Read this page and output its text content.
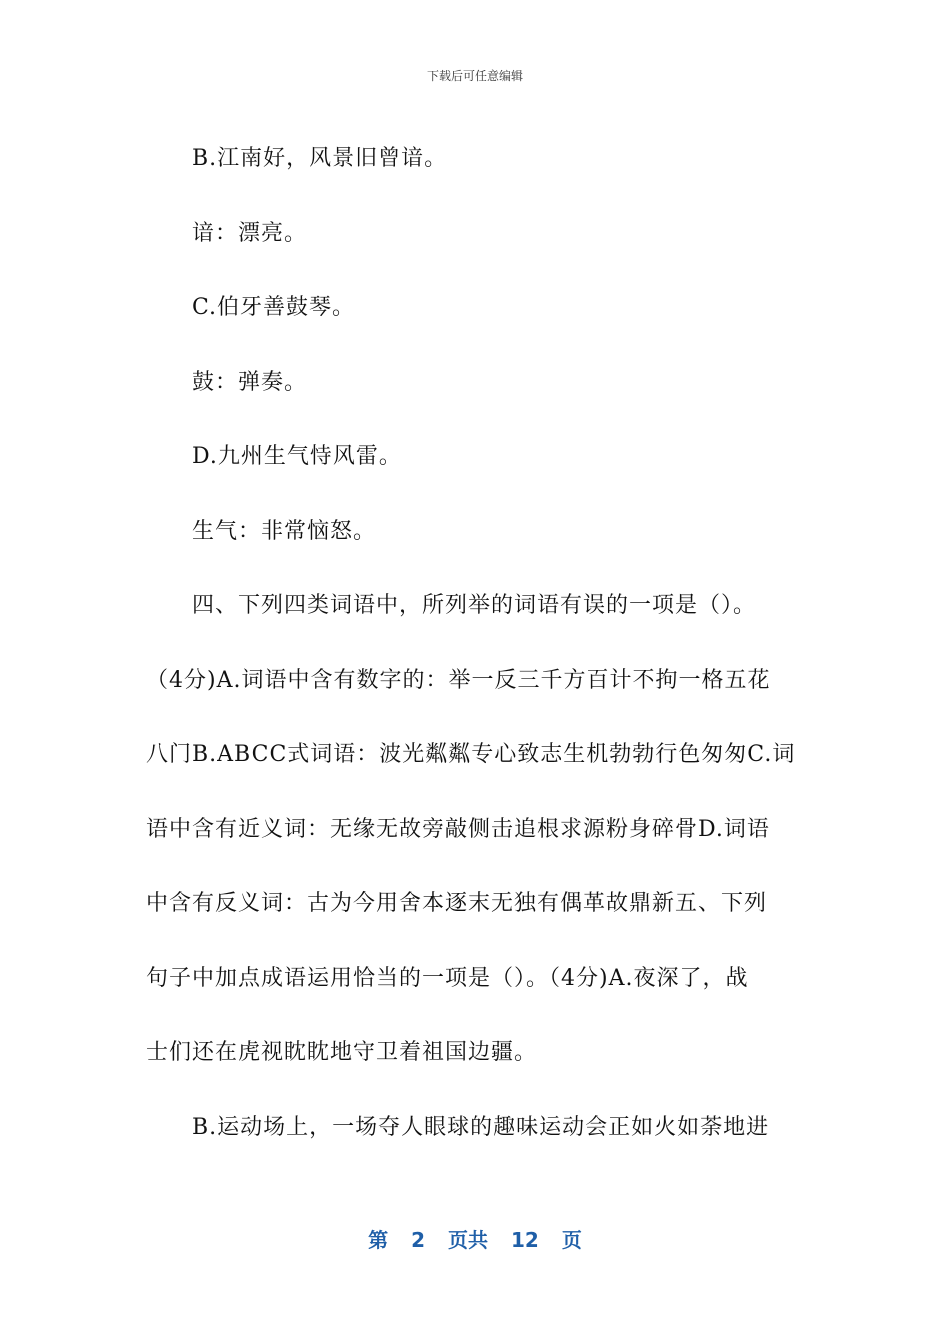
下载后可任意编辑

B.江南好，风景旧曾谙。

谙：漂亮。

C.伯牙善鼓琴。

鼓：弹奏。

D.九州生气恃风雷。

生气：非常恼怒。

四、下列四类词语中，所列举的词语有误的一项是（）。

（4分)A.词语中含有数字的：举一反三千方百计不拘一格五花

八门B.ABCC式词语：波光粼粼专心致志生机勃勃行色匆匆C.词

语中含有近义词：无缘无故旁敲侧击追根求源粉身碎骨D.词语

中含有反义词：古为今用舍本逐末无独有偶革故鼎新五、下列

句子中加点成语运用恰当的一项是（）。（4分)A.夜深了，战

士们还在虎视眈眈地守卫着祖国边疆。

B.运动场上，一场夺人眼球的趣味运动会正如火如荼地进

第 2 页共 12 页
